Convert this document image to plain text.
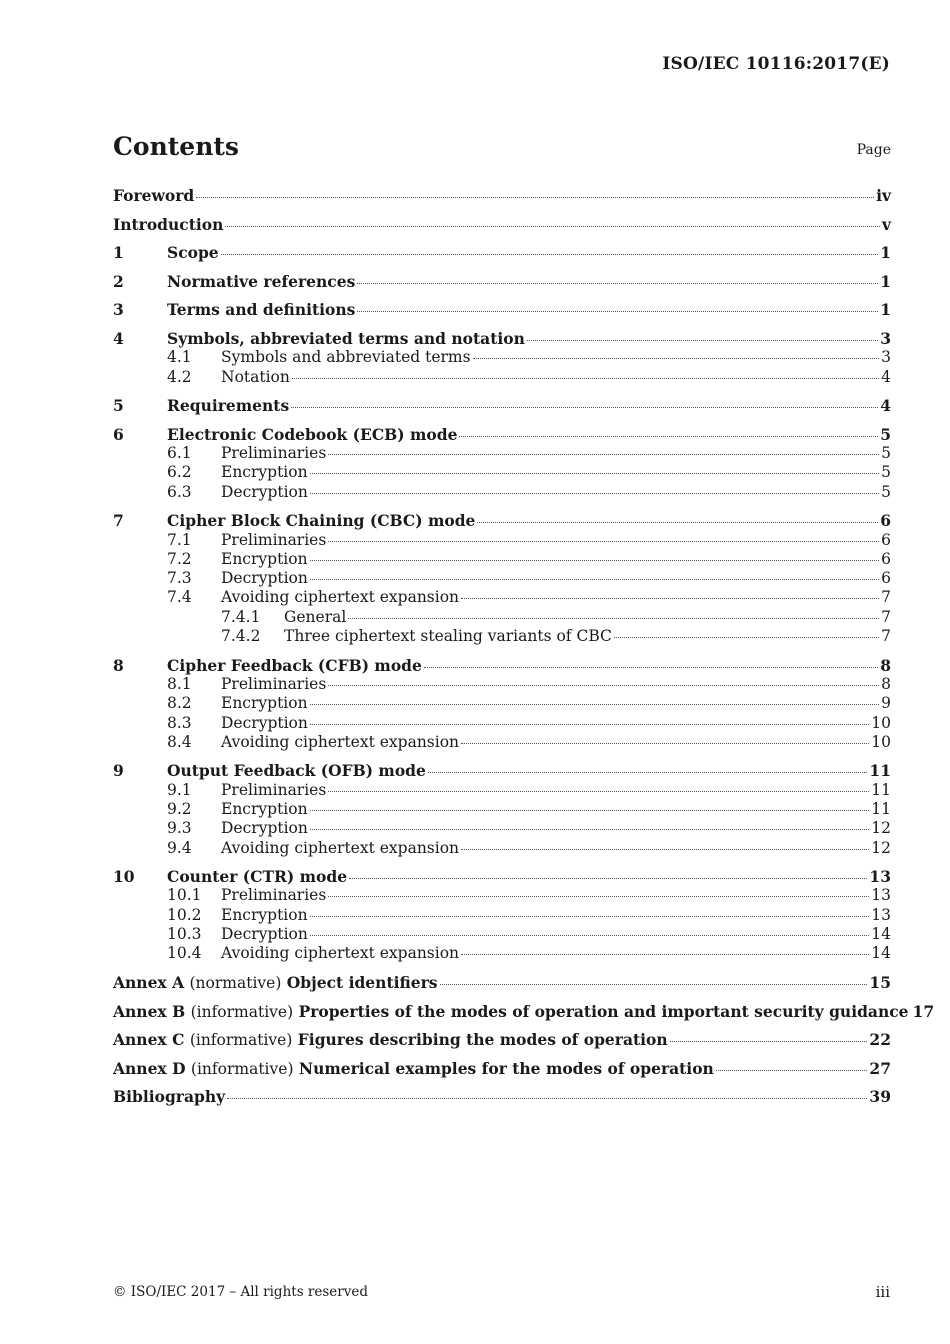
ISO/IEC 10116:2017(E)
Contents	Page
Foreword	iv
Introduction	v
1	Scope	1
2	Normative references	1
3	Terms and definitions	1
4	Symbols, abbreviated terms and notation	3
4.1	Symbols and abbreviated terms	3
4.2	Notation	4
5	Requirements	4
6	Electronic Codebook (ECB) mode	5
6.1	Preliminaries	5
6.2	Encryption	5
6.3	Decryption	5
7	Cipher Block Chaining (CBC) mode	6
7.1	Preliminaries	6
7.2	Encryption	6
7.3	Decryption	6
7.4	Avoiding ciphertext expansion	7
7.4.1	General	7
7.4.2	Three ciphertext stealing variants of CBC	7
8	Cipher Feedback (CFB) mode	8
8.1	Preliminaries	8
8.2	Encryption	9
8.3	Decryption	10
8.4	Avoiding ciphertext expansion	10
9	Output Feedback (OFB) mode	11
9.1	Preliminaries	11
9.2	Encryption	11
9.3	Decryption	12
9.4	Avoiding ciphertext expansion	12
10	Counter (CTR) mode	13
10.1	Preliminaries	13
10.2	Encryption	13
10.3	Decryption	14
10.4	Avoiding ciphertext expansion	14
Annex A (normative) Object identifiers	15
Annex B (informative) Properties of the modes of operation and important security guidance 17
Annex C (informative) Figures describing the modes of operation	22
Annex D (informative) Numerical examples for the modes of operation	27
Bibliography	39
© ISO/IEC 2017 – All rights reserved	iii
